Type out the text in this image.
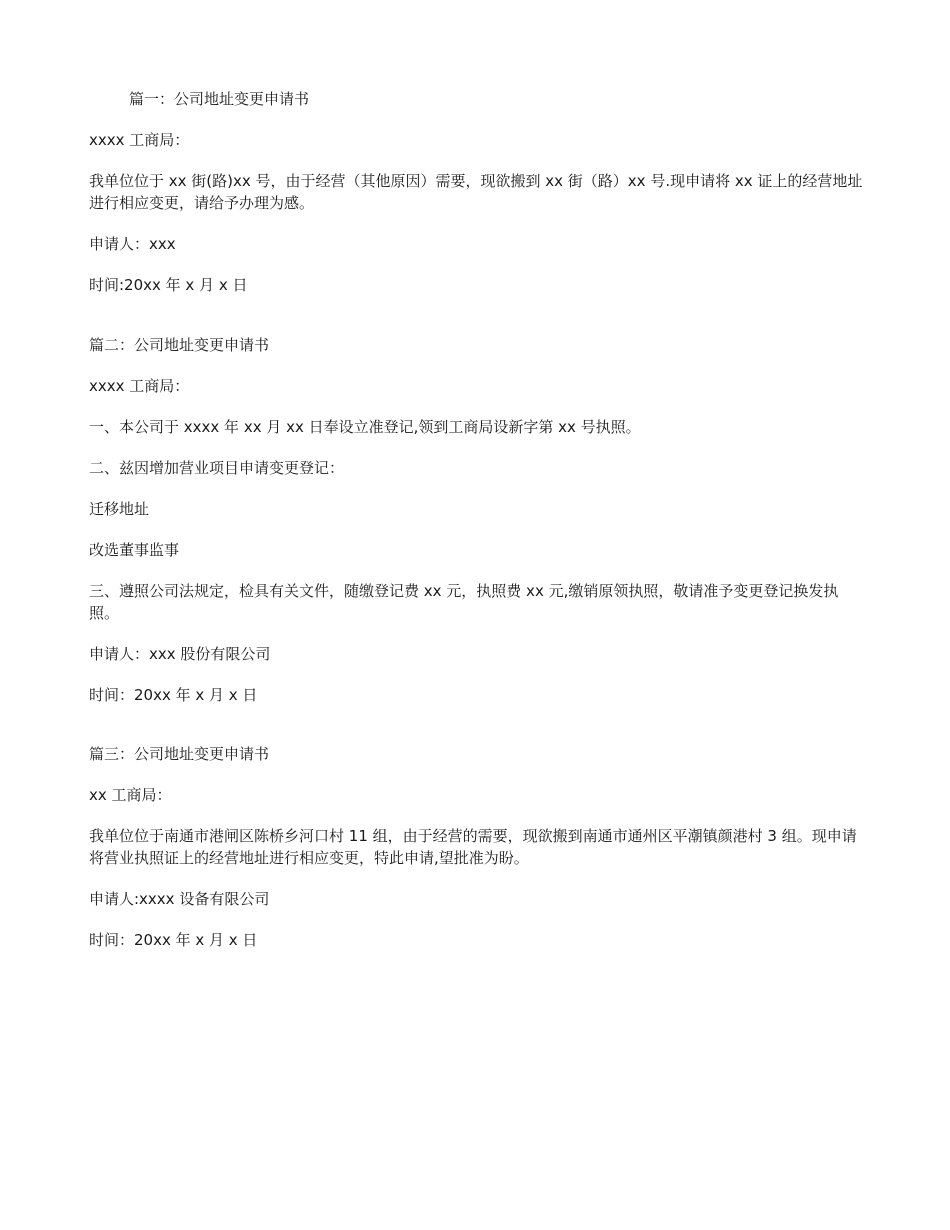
篇一：公司地址变更申请书

xxxx 工商局：

我单位位于 xx 街(路)xx 号，由于经营（其他原因）需要，现欲搬到 xx 街（路）xx 号.现申请将 xx 证上的经营地址进行相应变更，请给予办理为感。

申请人：xxx

时间:20xx 年 x 月 x 日

篇二：公司地址变更申请书

xxxx 工商局：

一、本公司于 xxxx 年 xx 月 xx 日奉设立准登记,领到工商局设新字第 xx 号执照。

二、兹因增加营业项目申请变更登记：

迁移地址

改选董事监事

三、遵照公司法规定，检具有关文件，随缴登记费 xx 元，执照费 xx 元,缴销原领执照，敬请准予变更登记换发执照。

申请人：xxx 股份有限公司

时间：20xx 年 x 月 x 日

篇三：公司地址变更申请书

xx 工商局：

我单位位于南通市港闸区陈桥乡河口村 11 组，由于经营的需要，现欲搬到南通市通州区平潮镇颜港村 3 组。现申请将营业执照证上的经营地址进行相应变更，特此申请,望批准为盼。

申请人:xxxx 设备有限公司

时间：20xx 年 x 月 x 日
